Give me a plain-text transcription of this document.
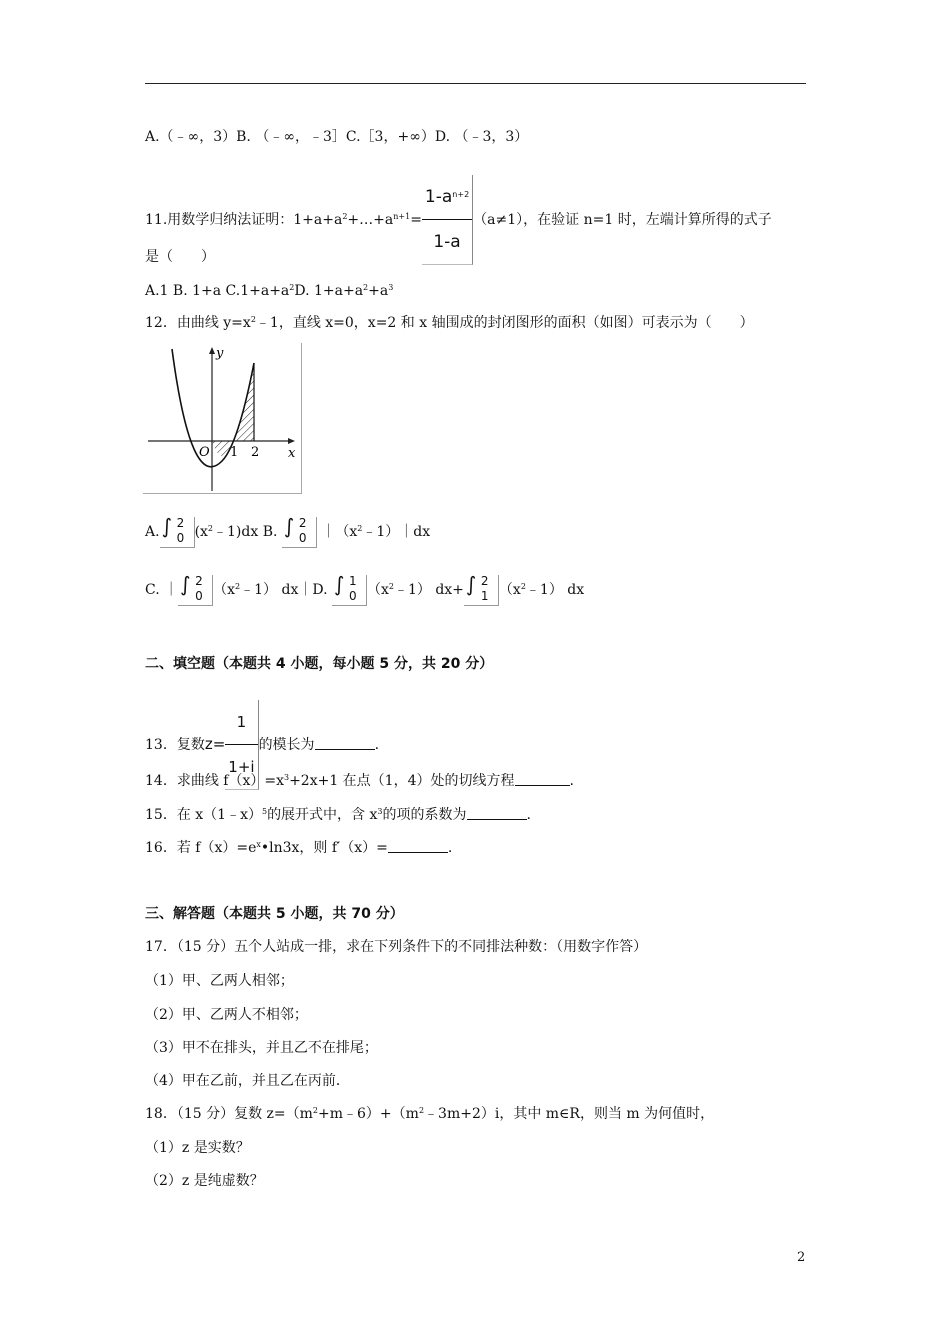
A.（﹣∞，3）B. （﹣∞，﹣3］C.［3，+∞）D. （﹣3，3）
11.用数学归纳法证明：$1+a+a^2+\dots+a^{n+1}= \frac{1-a^{n+2}}{1-a} (a\ne 1)$，在验证 n=1 时，左端计算所得的式子
是（　　）
A.1 B. 1+a $C.1+a+a^2D$. $1+a+a^2+a^3$
12．由曲线 $y=x^2﹣1$，直线 x=0，x=2 和 x 轴围成的封闭图形的面积（如图）可表示为（　　）
y
x
O 1 2
A. ∫ 2
0 $(x^2﹣1)dx$ B. ∫ 2
0 $|(x^2﹣1)|dx$
C. ｜ ∫ 2
0 $(x^2﹣1)$ dx｜D. ∫ 1
0 $(x^2﹣1)$ dx+ ∫ 2
1 $(x^2﹣1)$ dx
二、填空题（本题共 4 小题，每小题 5 分，共 20 分）
13．复数$z= \frac{1}{1+i}$ 的模长为	.
14．求曲线 $f(x)=x^3+2x+1$ 在点（1，4）处的切线方程	.
15．在 x（1﹣x）$^5$的展开式中，含 $x^3$的项的系数为	.
16．若 $f(x)=e^x•\ln 3x$，则 f′（x）=	.
三、解答题（本题共 5 小题，共 70 分）
17．（15 分）五个人站成一排，求在下列条件下的不同排法种数：（用数字作答）
（1）甲、乙两人相邻；
（2）甲、乙两人不相邻；
（3）甲不在排头，并且乙不在排尾；
（4）甲在乙前，并且乙在丙前．
18．（15 分）复数 $z=(m^2+m﹣6)+(m^2﹣3m+2)i$，其中 m∈R，则当 m 为何值时，
（1）z 是实数？
（2）z 是纯虚数？
2
